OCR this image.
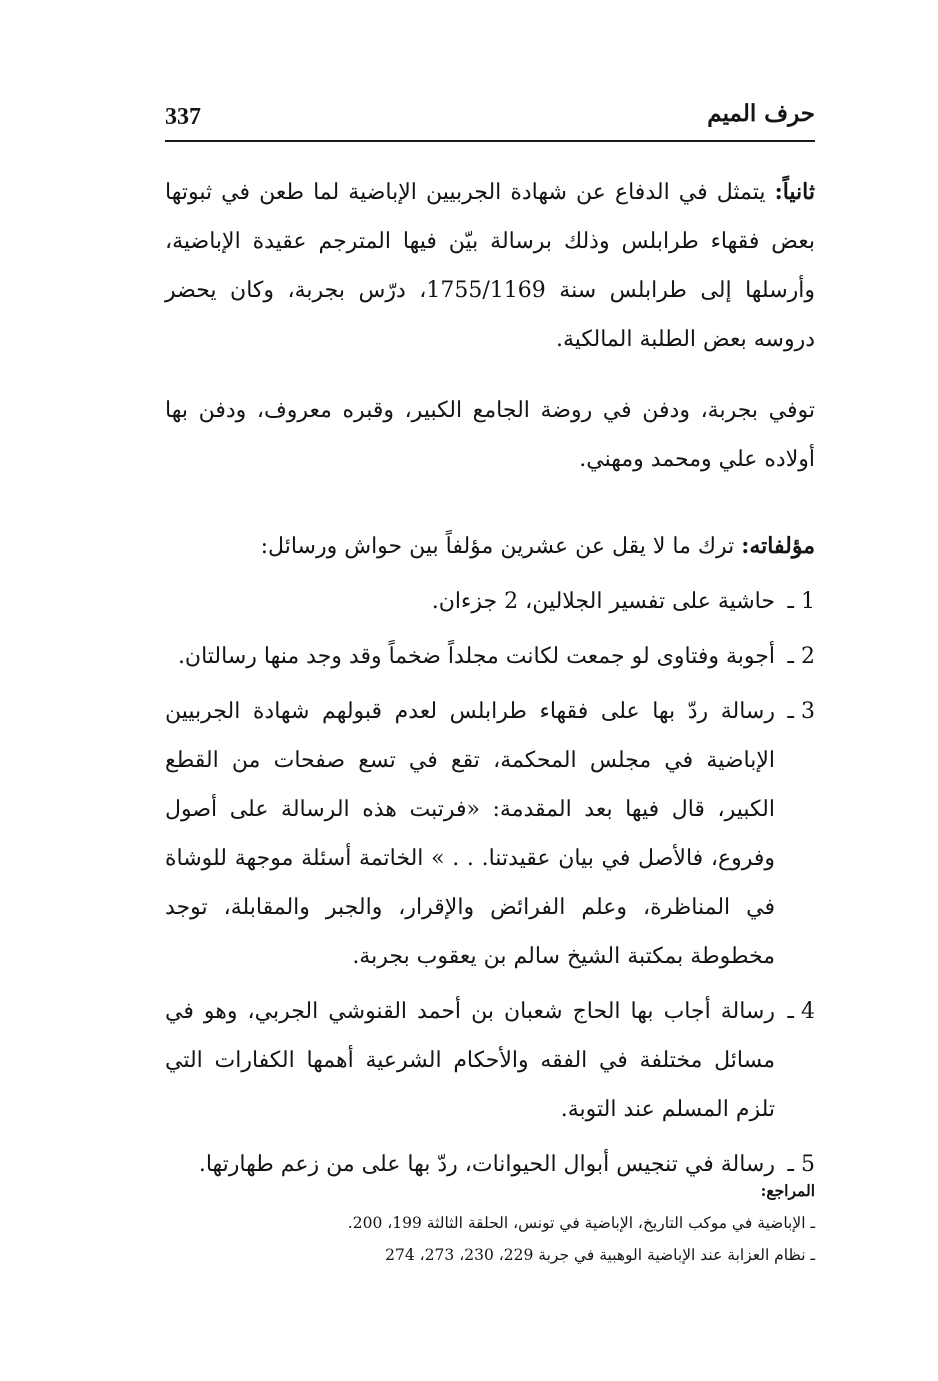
337	حرف الميم

ثانياً: يتمثل في الدفاع عن شهادة الجربيين الإباضية لما طعن في ثبوتها بعض فقهاء طرابلس وذلك برسالة بيّن فيها المترجم عقيدة الإباضية، وأرسلها إلى طرابلس سنة 1755/1169، درّس بجربة، وكان يحضر دروسه بعض الطلبة المالكية.

توفي بجربة، ودفن في روضة الجامع الكبير، وقبره معروف، ودفن بها أولاده علي ومحمد ومهني.

مؤلفاته: ترك ما لا يقل عن عشرين مؤلفاً بين حواش ورسائل:

1 ـ
حاشية على تفسير الجلالين، 2 جزءان.
2 ـ
أجوبة وفتاوى لو جمعت لكانت مجلداً ضخماً وقد وجد منها رسالتان.
3 ـ
رسالة ردّ بها على فقهاء طرابلس لعدم قبولهم شهادة الجربيين الإباضية في مجلس المحكمة، تقع في تسع صفحات من القطع الكبير، قال فيها بعد المقدمة: «فرتبت هذه الرسالة على أصول وفروع، فالأصل في بيان عقيدتنا. . . » الخاتمة أسئلة موجهة للوشاة في المناظرة، وعلم الفرائض والإقرار، والجبر والمقابلة، توجد مخطوطة بمكتبة الشيخ سالم بن يعقوب بجربة.
4 ـ
رسالة أجاب بها الحاج شعبان بن أحمد القنوشي الجربي، وهو في مسائل مختلفة في الفقه والأحكام الشرعية أهمها الكفارات التي تلزم المسلم عند التوبة.
5 ـ
رسالة في تنجيس أبوال الحيوانات، ردّ بها على من زعم طهارتها.

المراجع:

ـ الإباضية في موكب التاريخ، الإباضية في تونس، الحلقة الثالثة 199، 200.

ـ نظام العزابة عند الإباضية الوهبية في جربة 229، 230، 273، 274
